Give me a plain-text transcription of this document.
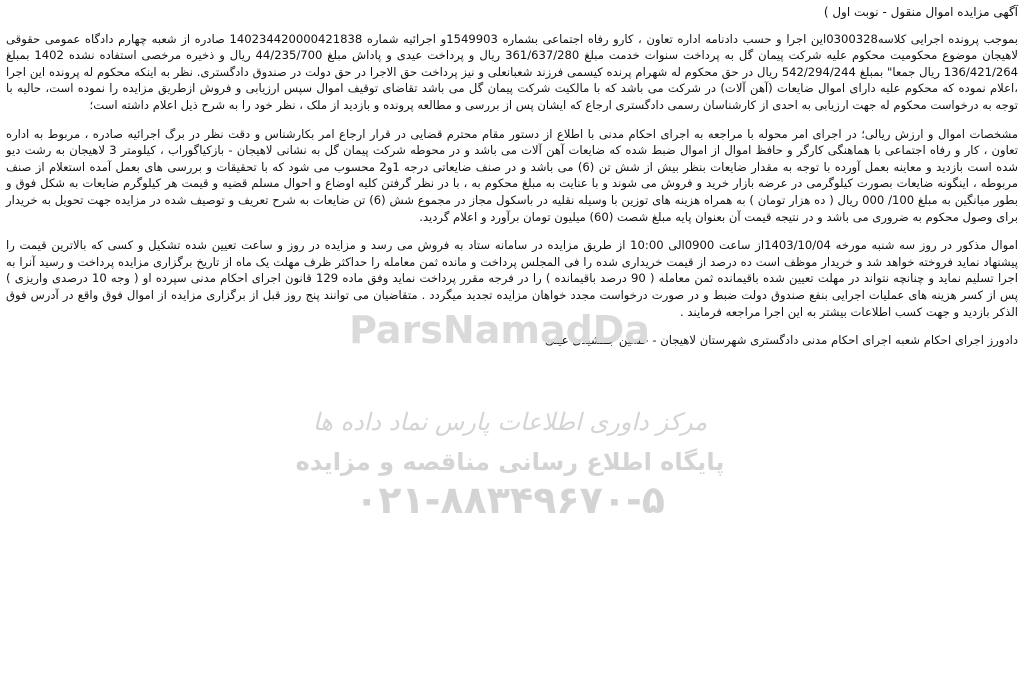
آگهی مزایده اموال منقول - نوبت اول )

بموجب پرونده اجرایی کلاسه0300328این اجرا و حسب دادنامه اداره تعاون ، کارو رفاه اجتماعی بشماره 1549903و اجرائیه شماره 140234420000421838 صادره از شعبه چهارم دادگاه عمومی حقوقی لاهیجان موضوع محکومیت محکوم علیه شرکت پیمان گل به پرداخت سنوات خدمت مبلغ 361/637/280 ریال و پرداخت عیدی و پاداش مبلغ 44/235/700 ریال و ذخیره مرخصی استفاده نشده 1402 بمبلغ 136/421/264 ریال جمعا" بمبلغ 542/294/244 ریال در حق محکوم له شهرام پرنده کیسمی فرزند شعبانعلی و نیز پرداخت حق الاجرا در حق دولت در صندوق دادگستری. نظر به اینکه محکوم له پرونده این اجرا ،اعلام نموده که محکوم علیه دارای اموال ضایعات (آهن آلات) در شرکت می باشد که با مالکیت شرکت پیمان گل می باشد تقاضای توقیف اموال سپس ارزیابی و فروش ازطریق مزایده را نموده است، حالیه با توجه به درخواست محکوم له جهت ارزیابی به احدی از کارشناسان رسمی دادگستری ارجاع که ایشان پس از بررسی و مطالعه پرونده و بازدید از ملک ، نظر خود را به شرح ذیل اعلام داشته است؛

مشخصات اموال و ارزش ریالی؛ در اجرای امر محوله با مراجعه به اجرای احکام مدنی با اطلاع از دستور مقام محترم قضایی در قرار ارجاع امر بکارشناس و دقت نظر در برگ اجرائیه صادره ، مربوط به اداره تعاون ، کار و رفاه اجتماعی با هماهنگی کارگر و حافظ اموال از اموال ضبط شده که ضایعات آهن آلات می باشد و در محوطه شرکت پیمان گل به نشانی لاهیجان - بازکیاگوراب ، کیلومتر 3 لاهیجان به رشت دیو شده است بازدید و معاینه بعمل آورده با توجه به مقدار ضایعات بنظر بیش از شش تن (6) می باشد و در صنف ضایعاتی درجه 1و2 محسوب می شود که با تحقیقات و بررسی های بعمل آمده استعلام از صنف مربوطه ، اینگونه ضایعات بصورت کیلوگرمی در عرضه بازار خرید و فروش می شوند و با عنایت به مبلغ محکوم به ، با در نظر گرفتن کلیه اوضاع و احوال مسلم قضیه و قیمت هر کیلوگرم ضایعات به شکل فوق و بطور میانگین به مبلغ 100/ 000 ریال ( ده هزار تومان ) به همراه هزینه های توزین با وسیله نقلیه در باسکول مجاز در مجموع شش (6) تن ضایعات به شرح تعریف و توصیف شده در مزایده جهت تحویل به خریدار برای وصول محکوم به ضروری می باشد و در نتیجه قیمت آن بعنوان پایه مبلغ شصت (60) میلیون تومان برآورد و اعلام گردید.

اموال مذکور در روز سه شنبه مورخه 1403/10/04از ساعت 0900الی 10:00 از طریق مزایده در سامانه ستاد به فروش می رسد و مزایده در روز و ساعت تعیین شده تشکیل و کسی که بالاترین قیمت را پیشنهاد نماید فروخته خواهد شد و خریدار موظف است ده درصد از قیمت خریداری شده را فی المجلس پرداخت و مانده ثمن معامله را حداکثر ظرف مهلت یک ماه از تاریخ برگزاری مزایده پرداخت و رسید آنرا به اجرا تسلیم نماید و چنانچه نتواند در مهلت تعیین شده باقیمانده ثمن معامله ( 90 درصد باقیمانده ) را در فرجه مقرر پرداخت نماید وفق ماده 129 قانون اجرای احکام مدنی سپرده او ( وجه 10 درصدی واریزی ) پس از کسر هزینه های عملیات اجرایی بنفع صندوق دولت ضبط و در صورت درخواست مجدد خواهان مزایده تجدید میگردد . متقاضیان می توانند پنج روز قبل از برگزاری مزایده از اموال فوق واقع در آدرس فوق الذکر بازدید و جهت کسب اطلاعات بیشتر به این اجرا مراجعه فرمایند .

دادورز اجرای احکام شعبه اجرای احکام مدنی دادگستری شهرستان لاهیجان - حسین جمشیدی عینی

ParsNamadDa
مرکز داوری اطلاعات پارس نماد داده ها
پایگاه اطلاع رسانی مناقصه و مزایده
۰۲۱-۸۸۳۴۹۶۷۰-۵
